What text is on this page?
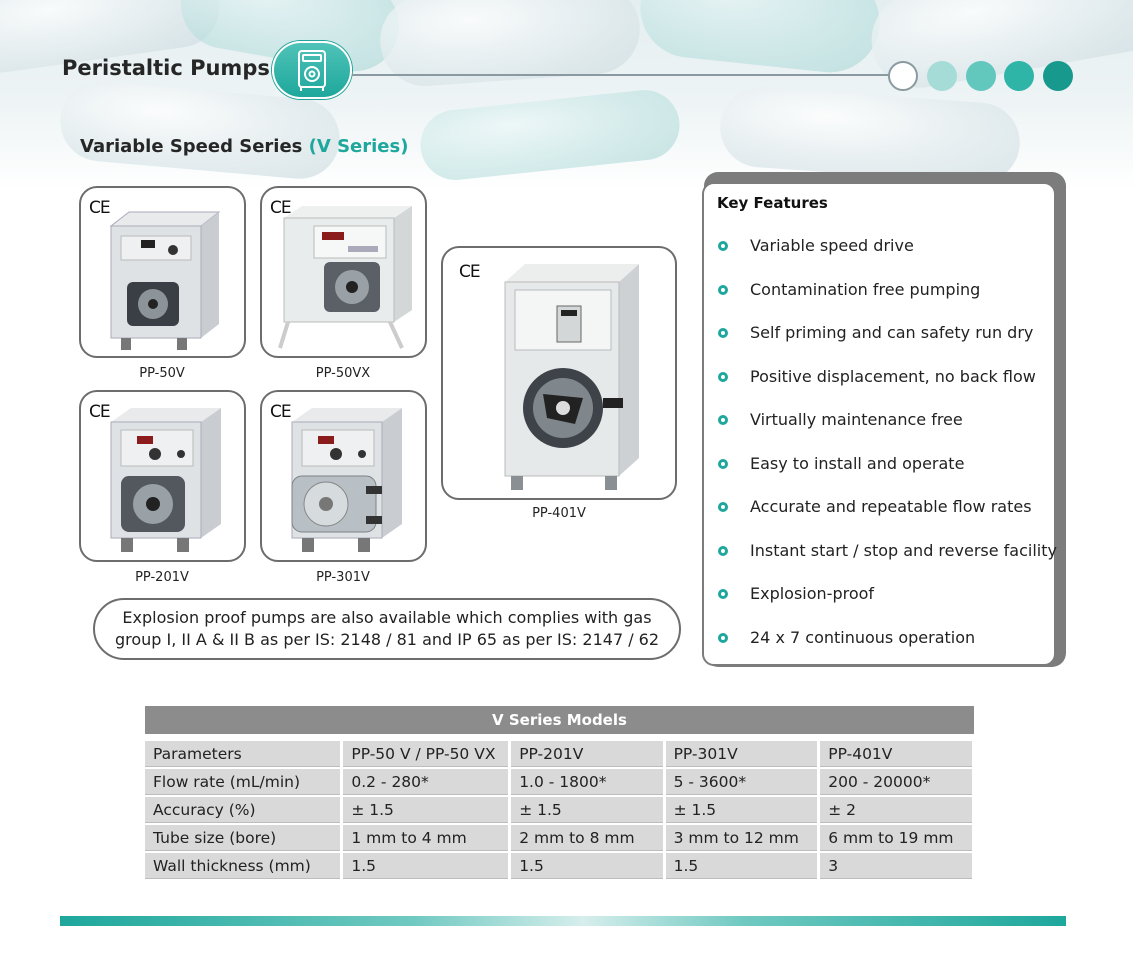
Peristaltic Pumps
Variable Speed Series (V Series)
CE
PP-50V
CE
PP-50VX
CE
PP-401V
CE
PP-201V
CE
PP-301V
Explosion proof pumps are also available which complies with gas
group I, II A & II B as per IS: 2148 / 81 and IP 65 as per IS: 2147 / 62
Key Features
Variable speed drive
Contamination free pumping
Self priming and can safety run dry
Positive displacement, no back flow
Virtually maintenance free
Easy to install and operate
Accurate and repeatable flow rates
Instant start / stop and reverse facility
Explosion-proof
24 x 7 continuous operation
V Series Models
Parameters	PP-50 V / PP-50 VX	PP-201V	PP-301V	PP-401V
Flow rate (mL/min)	0.2 - 280*	1.0 - 1800*	5 - 3600*	200 - 20000*
Accuracy (%)	± 1.5	± 1.5	± 1.5	± 2
Tube size (bore)	1 mm to 4 mm	2 mm to 8 mm	3 mm to 12 mm	6 mm to 19 mm
Wall thickness (mm)	1.5	1.5	1.5	3
